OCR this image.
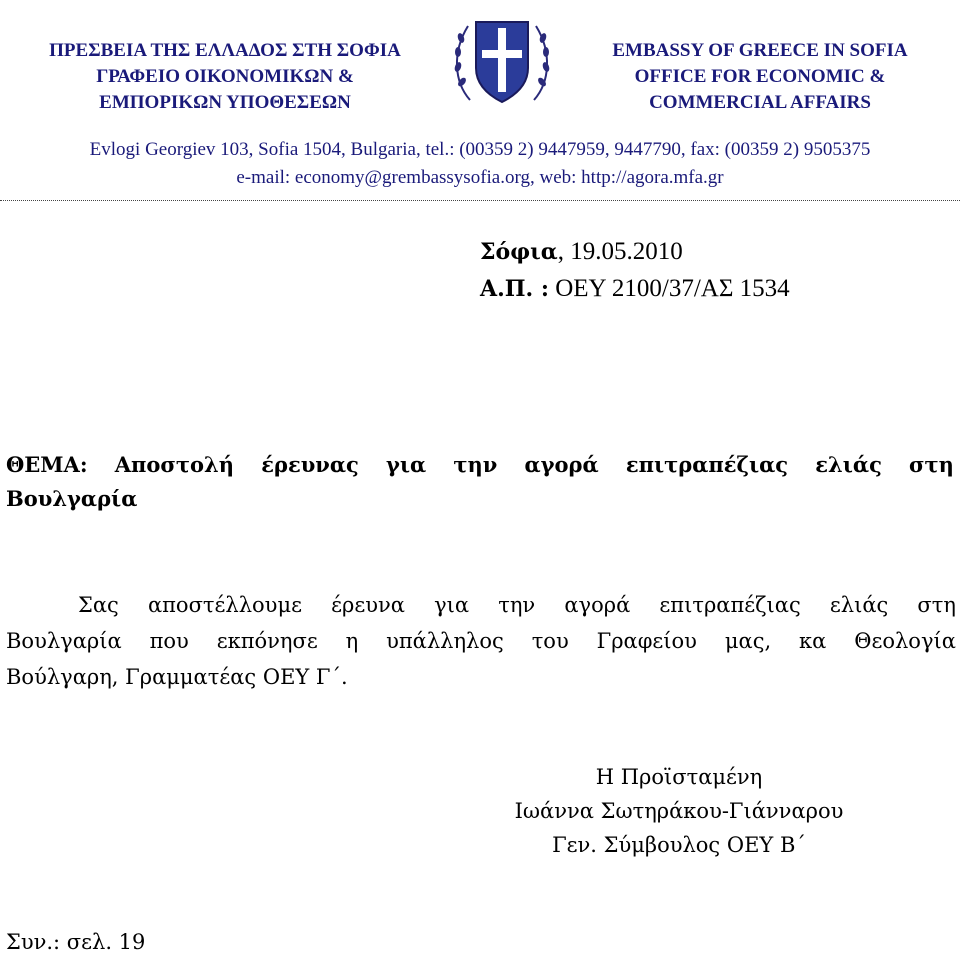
ΠΡΕΣΒΕΙΑ ΤΗΣ ΕΛΛΑΔΟΣ ΣΤΗ ΣΟΦΙΑ
ΓΡΑΦΕΙΟ ΟΙΚΟΝΟΜΙΚΩΝ &
ΕΜΠΟΡΙΚΩΝ ΥΠΟΘΕΣΕΩΝ
EMBASSY OF GREECE IN SOFIA
OFFICE FOR ECONOMIC &
COMMERCIAL AFFAIRS
Evlogi Georgiev 103, Sofia 1504, Bulgaria, tel.: (00359 2) 9447959, 9447790, fax: (00359 2) 9505375
e-mail: economy@grembassysofia.org, web: http://agora.mfa.gr
Σόφια, 19.05.2010
Α.Π. : ΟΕΥ 2100/37/ΑΣ 1534
ΘΕΜΑ: Αποστολή έρευνας για την αγορά επιτραπέζιας ελιάς στη
Βουλγαρία
Σας αποστέλλουμε έρευνα για την αγορά επιτραπέζιας ελιάς στη
Βουλγαρία που εκπόνησε η υπάλληλος του Γραφείου μας, κα Θεολογία
Βούλγαρη, Γραμματέας ΟΕΥ Γ΄.
Η Προϊσταμένη
Ιωάννα Σωτηράκου-Γιάνναρου
Γεν. Σύμβουλος ΟΕΥ Β΄
Συν.: σελ. 19
